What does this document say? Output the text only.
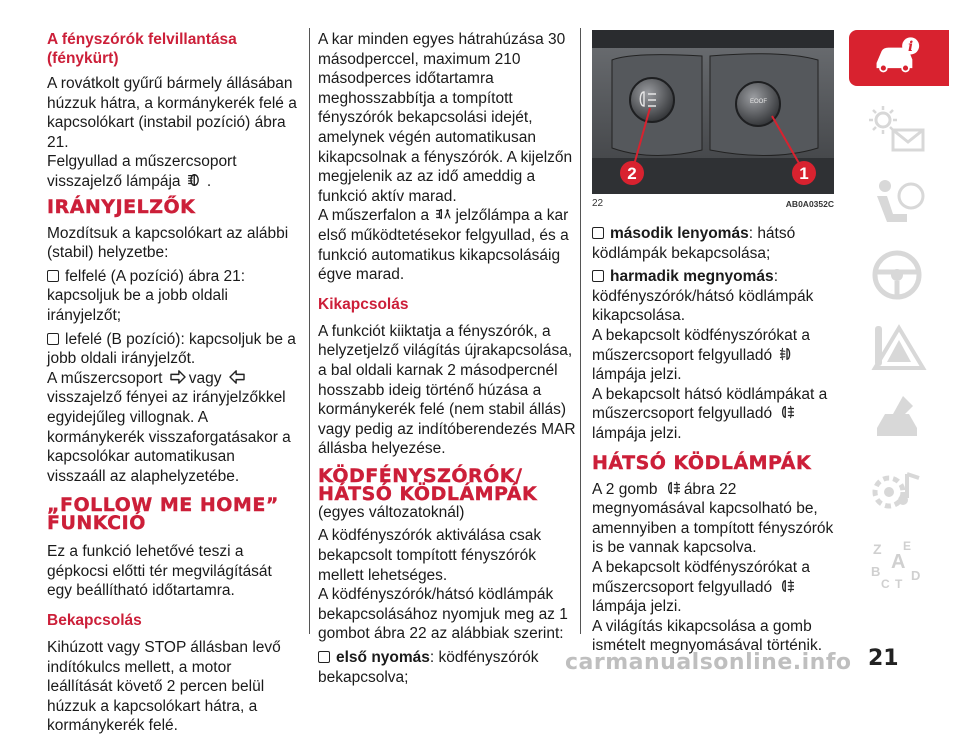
A fényszórók felvillantása (fénykürt)

A rovátkolt gyűrű bármely állásában húzzuk hátra, a kormánykerék felé a kapcsolókart (instabil pozíció) ábra 21.

Felgyullad a műszercsoport visszajelző lámpája .

IRÁNYJELZŐK

Mozdítsuk a kapcsolókart az alábbi (stabil) helyzetbe:

felfelé (A pozíció) ábra 21: kapcsoljuk be a jobb oldali irányjelzőt;

lefelé (B pozíció): kapcsoljuk be a jobb oldali irányjelzőt.

A műszercsoport vagy visszajelző fényei az irányjelzőkkel egyidejűleg villognak. A kormánykerék visszaforgatásakor a kapcsolókar automatikusan visszaáll az alaphelyzetébe.

„FOLLOW ME HOME” FUNKCIÓ

Ez a funkció lehetővé teszi a gépkocsi előtti tér megvilágítását egy beállítható időtartamra.

Bekapcsolás

Kihúzott vagy STOP állásban levő indítókulcs mellett, a motor leállítását követő 2 percen belül húzzuk a kapcsolókart hátra, a kormánykerék felé.

A kar minden egyes hátrahúzása 30 másodperccel, maximum 210 másodperces időtartamra meghosszabbítja a tompított fényszórók bekapcsolási idejét, amelynek végén automatikusan kikapcsolnak a fényszórók. A kijelzőn megjelenik az az idő ameddig a funkció aktív marad.

A műszerfalon a jelzőlámpa a kar első működtetésekor felgyullad, és a funkció automatikus kikapcsolásáig égve marad.

Kikapcsolás

A funkciót kiiktatja a fényszórók, a helyzetjelző világítás újrakapcsolása, a bal oldali karnak 2 másodpercnél hosszabb ideig történő húzása a kormánykerék felé (nem stabil állás) vagy pedig az indítóberendezés MAR állásba helyezése.

KÖDFÉNYSZÓRÓK/ HÁTSÓ KÖDLÁMPÁK

(egyes változatoknál)

A ködfényszórók aktiválása csak bekapcsolt tompított fényszórók mellett lehetséges.

A ködfényszórók/hátsó ködlámpák bekapcsolásához nyomjuk meg az 1 gombot ábra 22 az alábbiak szerint:

első nyomás: ködfényszórók bekapcsolva;

EOOF
2	1
22	AB0A0352C

második lenyomás: hátsó ködlámpák bekapcsolása;

harmadik megnyomás: ködfényszórók/hátsó ködlámpák kikapcsolása.

A bekapcsolt ködfényszórókat a műszercsoport felgyulladó lámpája jelzi.

A bekapcsolt hátsó ködlámpákat a műszercsoport felgyulladó lámpája jelzi.

HÁTSÓ KÖDLÁMPÁK

A 2 gomb ábra 22 megnyomásával kapcsolható be, amennyiben a tompított fényszórók is be vannak kapcsolva.

A bekapcsolt ködfényszórókat a műszercsoport felgyulladó lámpája jelzi.

A világítás kikapcsolása a gomb ismételt megnyomásával történik.

i
Z E
B A
C T
D
carmanualsonline.info 21
